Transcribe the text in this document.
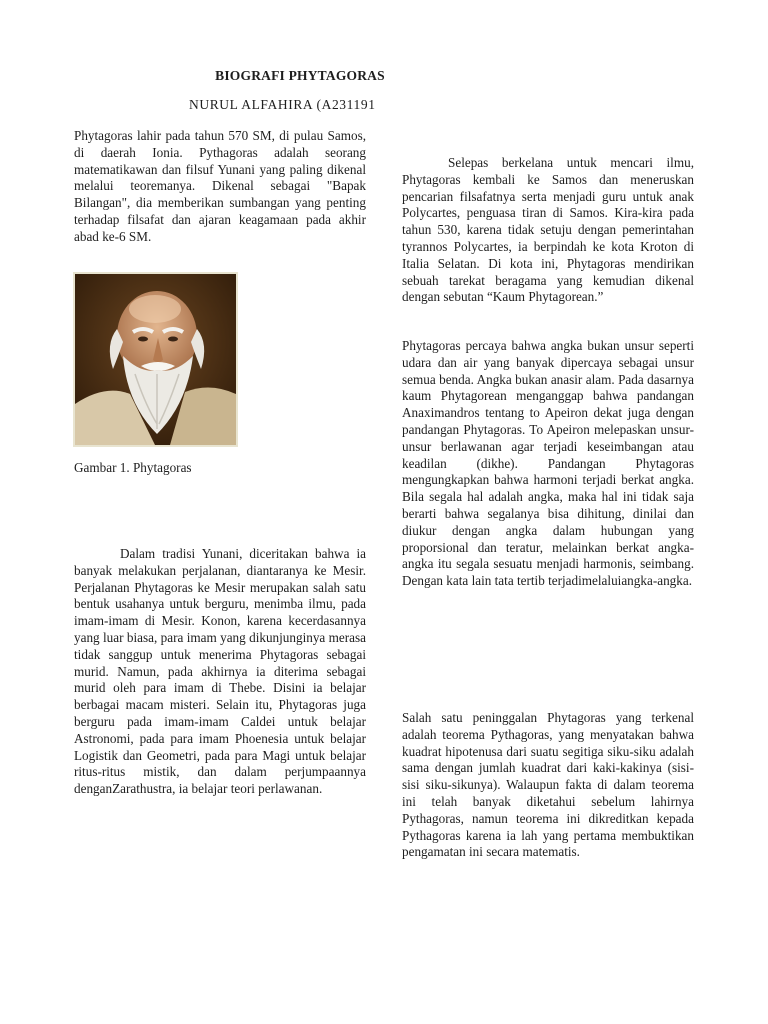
BIOGRAFI PHYTAGORAS
NURUL ALFAHIRA (A231191

Phytagoras lahir pada tahun 570 SM, di pulau Samos, di daerah Ionia. Pythagoras adalah seorang matematikawan dan filsuf Yunani yang paling dikenal melalui teoremanya. Dikenal sebagai "Bapak Bilangan", dia memberikan sumbangan yang penting terhadap filsafat dan ajaran keagamaan pada akhir abad ke-6 SM.

Gambar 1. Phytagoras

Dalam tradisi Yunani, diceritakan bahwa ia banyak melakukan perjalanan, diantaranya ke Mesir. Perjalanan Phytagoras ke Mesir merupakan salah satu bentuk usahanya untuk berguru, menimba ilmu, pada imam-imam di Mesir. Konon, karena kecerdasannya yang luar biasa, para imam yang dikunjunginya merasa tidak sanggup untuk menerima Phytagoras sebagai murid. Namun, pada akhirnya ia diterima sebagai murid oleh para imam di Thebe. Disini ia belajar berbagai macam misteri. Selain itu, Phytagoras juga berguru pada imam-imam Caldei untuk belajar Astronomi, pada para imam Phoenesia untuk belajar Logistik dan Geometri, pada para Magi untuk belajar ritus-ritus mistik, dan dalam perjumpaannya denganZarathustra, ia belajar teori perlawanan.

Selepas berkelana untuk mencari ilmu, Phytagoras kembali ke Samos dan meneruskan pencarian filsafatnya serta menjadi guru untuk anak Polycartes, penguasa tiran di Samos. Kira-kira pada tahun 530, karena tidak setuju dengan pemerintahan tyrannos Polycartes, ia berpindah ke kota Kroton di Italia Selatan. Di kota ini, Phytagoras mendirikan sebuah tarekat beragama yang kemudian dikenal dengan sebutan “Kaum Phytagorean.”

Phytagoras percaya bahwa angka bukan unsur seperti udara dan air yang banyak dipercaya sebagai unsur semua benda. Angka bukan anasir alam. Pada dasarnya kaum Phytagorean menganggap bahwa pandangan Anaximandros tentang to Apeiron dekat juga dengan pandangan Phytagoras. To Apeiron melepaskan unsur-unsur berlawanan agar terjadi keseimbangan atau keadilan (dikhe). Pandangan Phytagoras mengungkapkan bahwa harmoni terjadi berkat angka. Bila segala hal adalah angka, maka hal ini tidak saja berarti bahwa segalanya bisa dihitung, dinilai dan diukur dengan angka dalam hubungan yang proporsional dan teratur, melainkan berkat angka-angka itu segala sesuatu menjadi harmonis, seimbang. Dengan kata lain tata tertib terjadimelaluiangka-angka.

Salah satu peninggalan Phytagoras yang terkenal adalah teorema Pythagoras, yang menyatakan bahwa kuadrat hipotenusa dari suatu segitiga siku-siku adalah sama dengan jumlah kuadrat dari kaki-kakinya (sisi-sisi siku-sikunya). Walaupun fakta di dalam teorema ini telah banyak diketahui sebelum lahirnya Pythagoras, namun teorema ini dikreditkan kepada Pythagoras karena ia lah yang pertama membuktikan pengamatan ini secara matematis.
